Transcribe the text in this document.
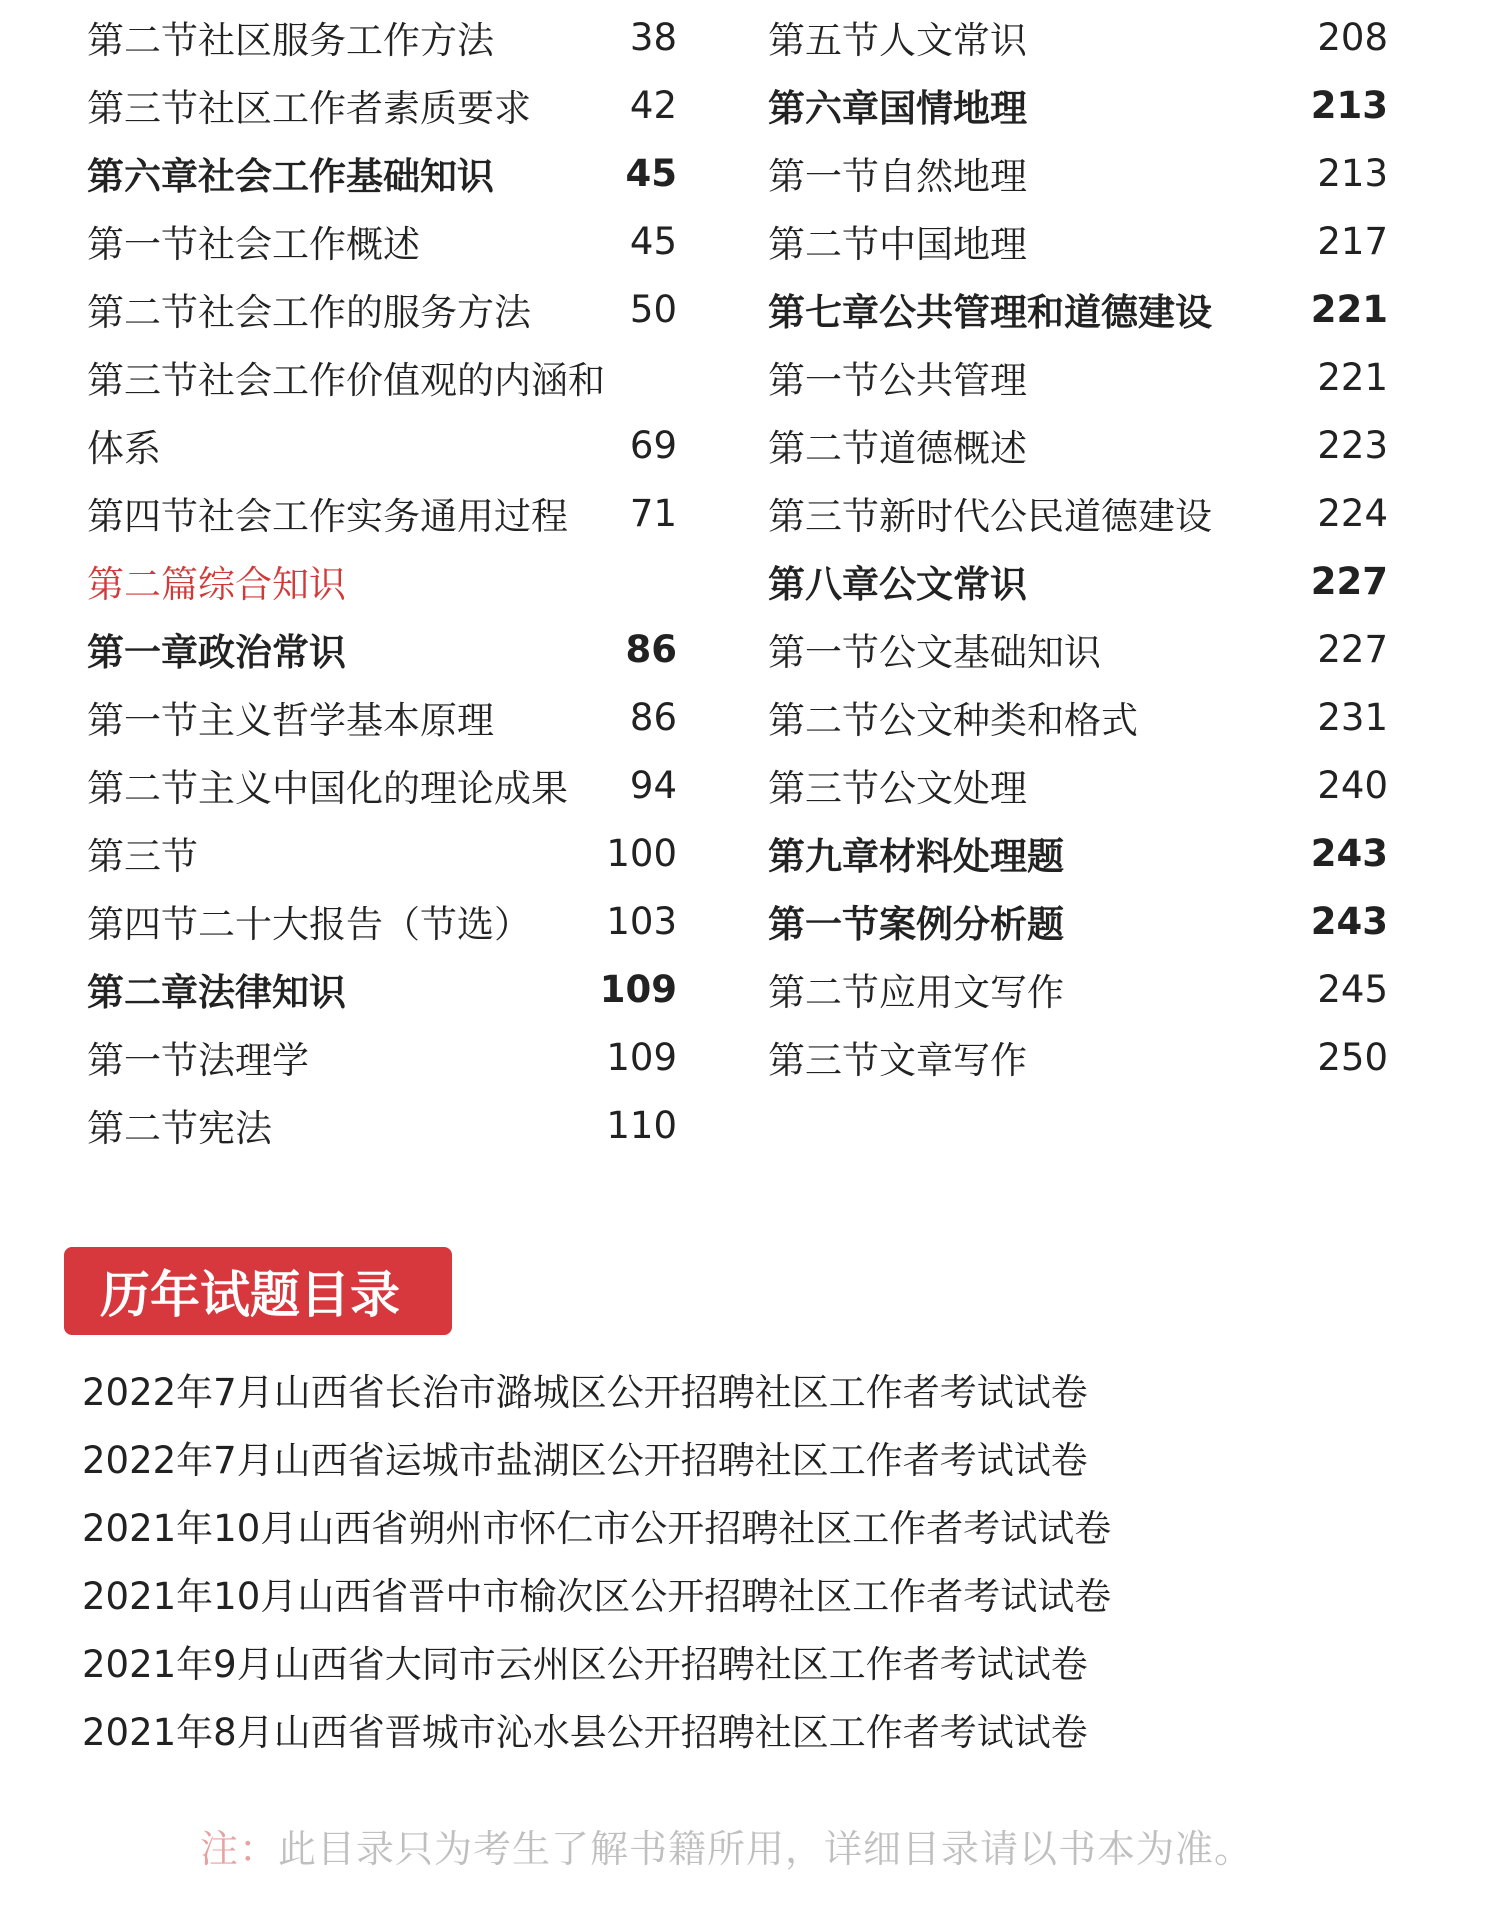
第二节社区服务工作方法	38
第三节社区工作者素质要求	42
第六章社会工作基础知识	45
第一节社会工作概述	45
第二节社会工作的服务方法	50
第三节社会工作价值观的内涵和
体系	69
第四节社会工作实务通用过程	71
第二篇综合知识
第一章政治常识	86
第一节主义哲学基本原理	86
第二节主义中国化的理论成果	94
第三节	100
第四节二十大报告（节选） 103
第二章法律知识	109
第一节法理学	109
第二节宪法	110
第五节人文常识	208
第六章国情地理	213
第一节自然地理	213
第二节中国地理	217
第七章公共管理和道德建设	221
第一节公共管理	221
第二节道德概述	223
第三节新时代公民道德建设	224
第八章公文常识	227
第一节公文基础知识	227
第二节公文种类和格式	231
第三节公文处理	240
第九章材料处理题	243
第一节案例分析题	243
第二节应用文写作	245
第三节文章写作	250
历年试题目录
2022年7月山西省长治市潞城区公开招聘社区工作者考试试卷
2022年7月山西省运城市盐湖区公开招聘社区工作者考试试卷
2021年10月山西省朔州市怀仁市公开招聘社区工作者考试试卷
2021年10月山西省晋中市榆次区公开招聘社区工作者考试试卷
2021年9月山西省大同市云州区公开招聘社区工作者考试试卷
2021年8月山西省晋城市沁水县公开招聘社区工作者考试试卷
注：此目录只为考生了解书籍所用，详细目录请以书本为准。
